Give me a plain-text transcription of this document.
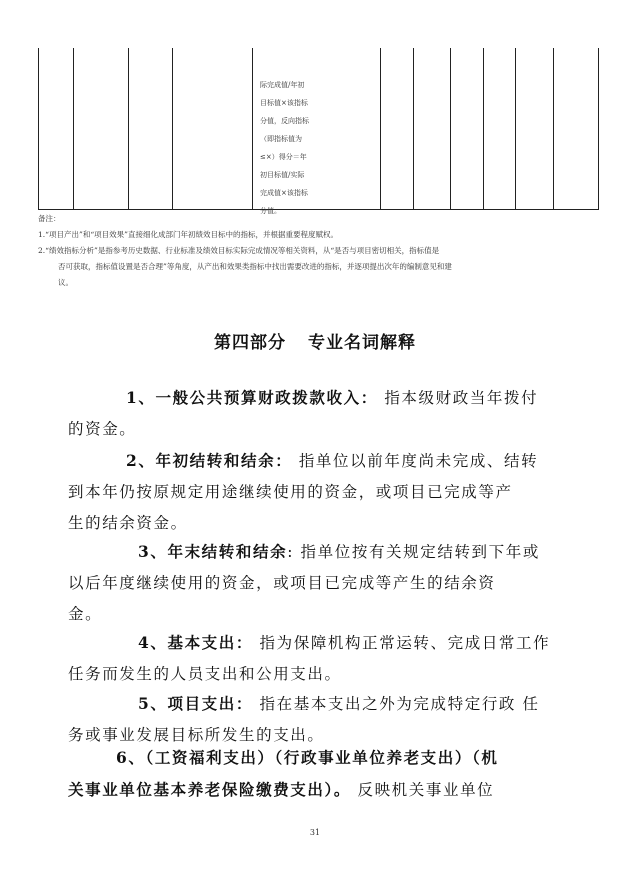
际完成值/年初
目标值×该指标
分值，反向指标
（即指标值为
≤×）得分＝年
初目标值/实际
完成值×该指标
分值。
备注：
1.“项目产出”和“项目效果”直接细化成部门年初绩效目标中的指标，并根据重要程度赋权。
2.“绩效指标分析”是指参考历史数据、行业标准及绩效目标实际完成情况等相关资料，从“是否与项目密切相关，指标值是
否可获取，指标值设置是否合理”等角度，从产出和效果类指标中找出需要改进的指标，并逐项提出次年的编制意见和建
议。
第四部分 专业名词解释
1、一般公共预算财政拨款收入： 指本级财政当年拨付
的资金。
2、年初结转和结余： 指单位以前年度尚未完成、结转
到本年仍按原规定用途继续使用的资金，或项目已完成等产
生的结余资金。
3、年末结转和结余: 指单位按有关规定结转到下年或
以后年度继续使用的资金，或项目已完成等产生的结余资
金。
4、基本支出： 指为保障机构正常运转、完成日常工作
任务而发生的人员支出和公用支出。
5、项目支出： 指在基本支出之外为完成特定行政 任
务或事业发展目标所发生的支出。
6、（工资福利支出）（行政事业单位养老支出）（机
关事业单位基本养老保险缴费支出）。 反映机关事业单位
31
